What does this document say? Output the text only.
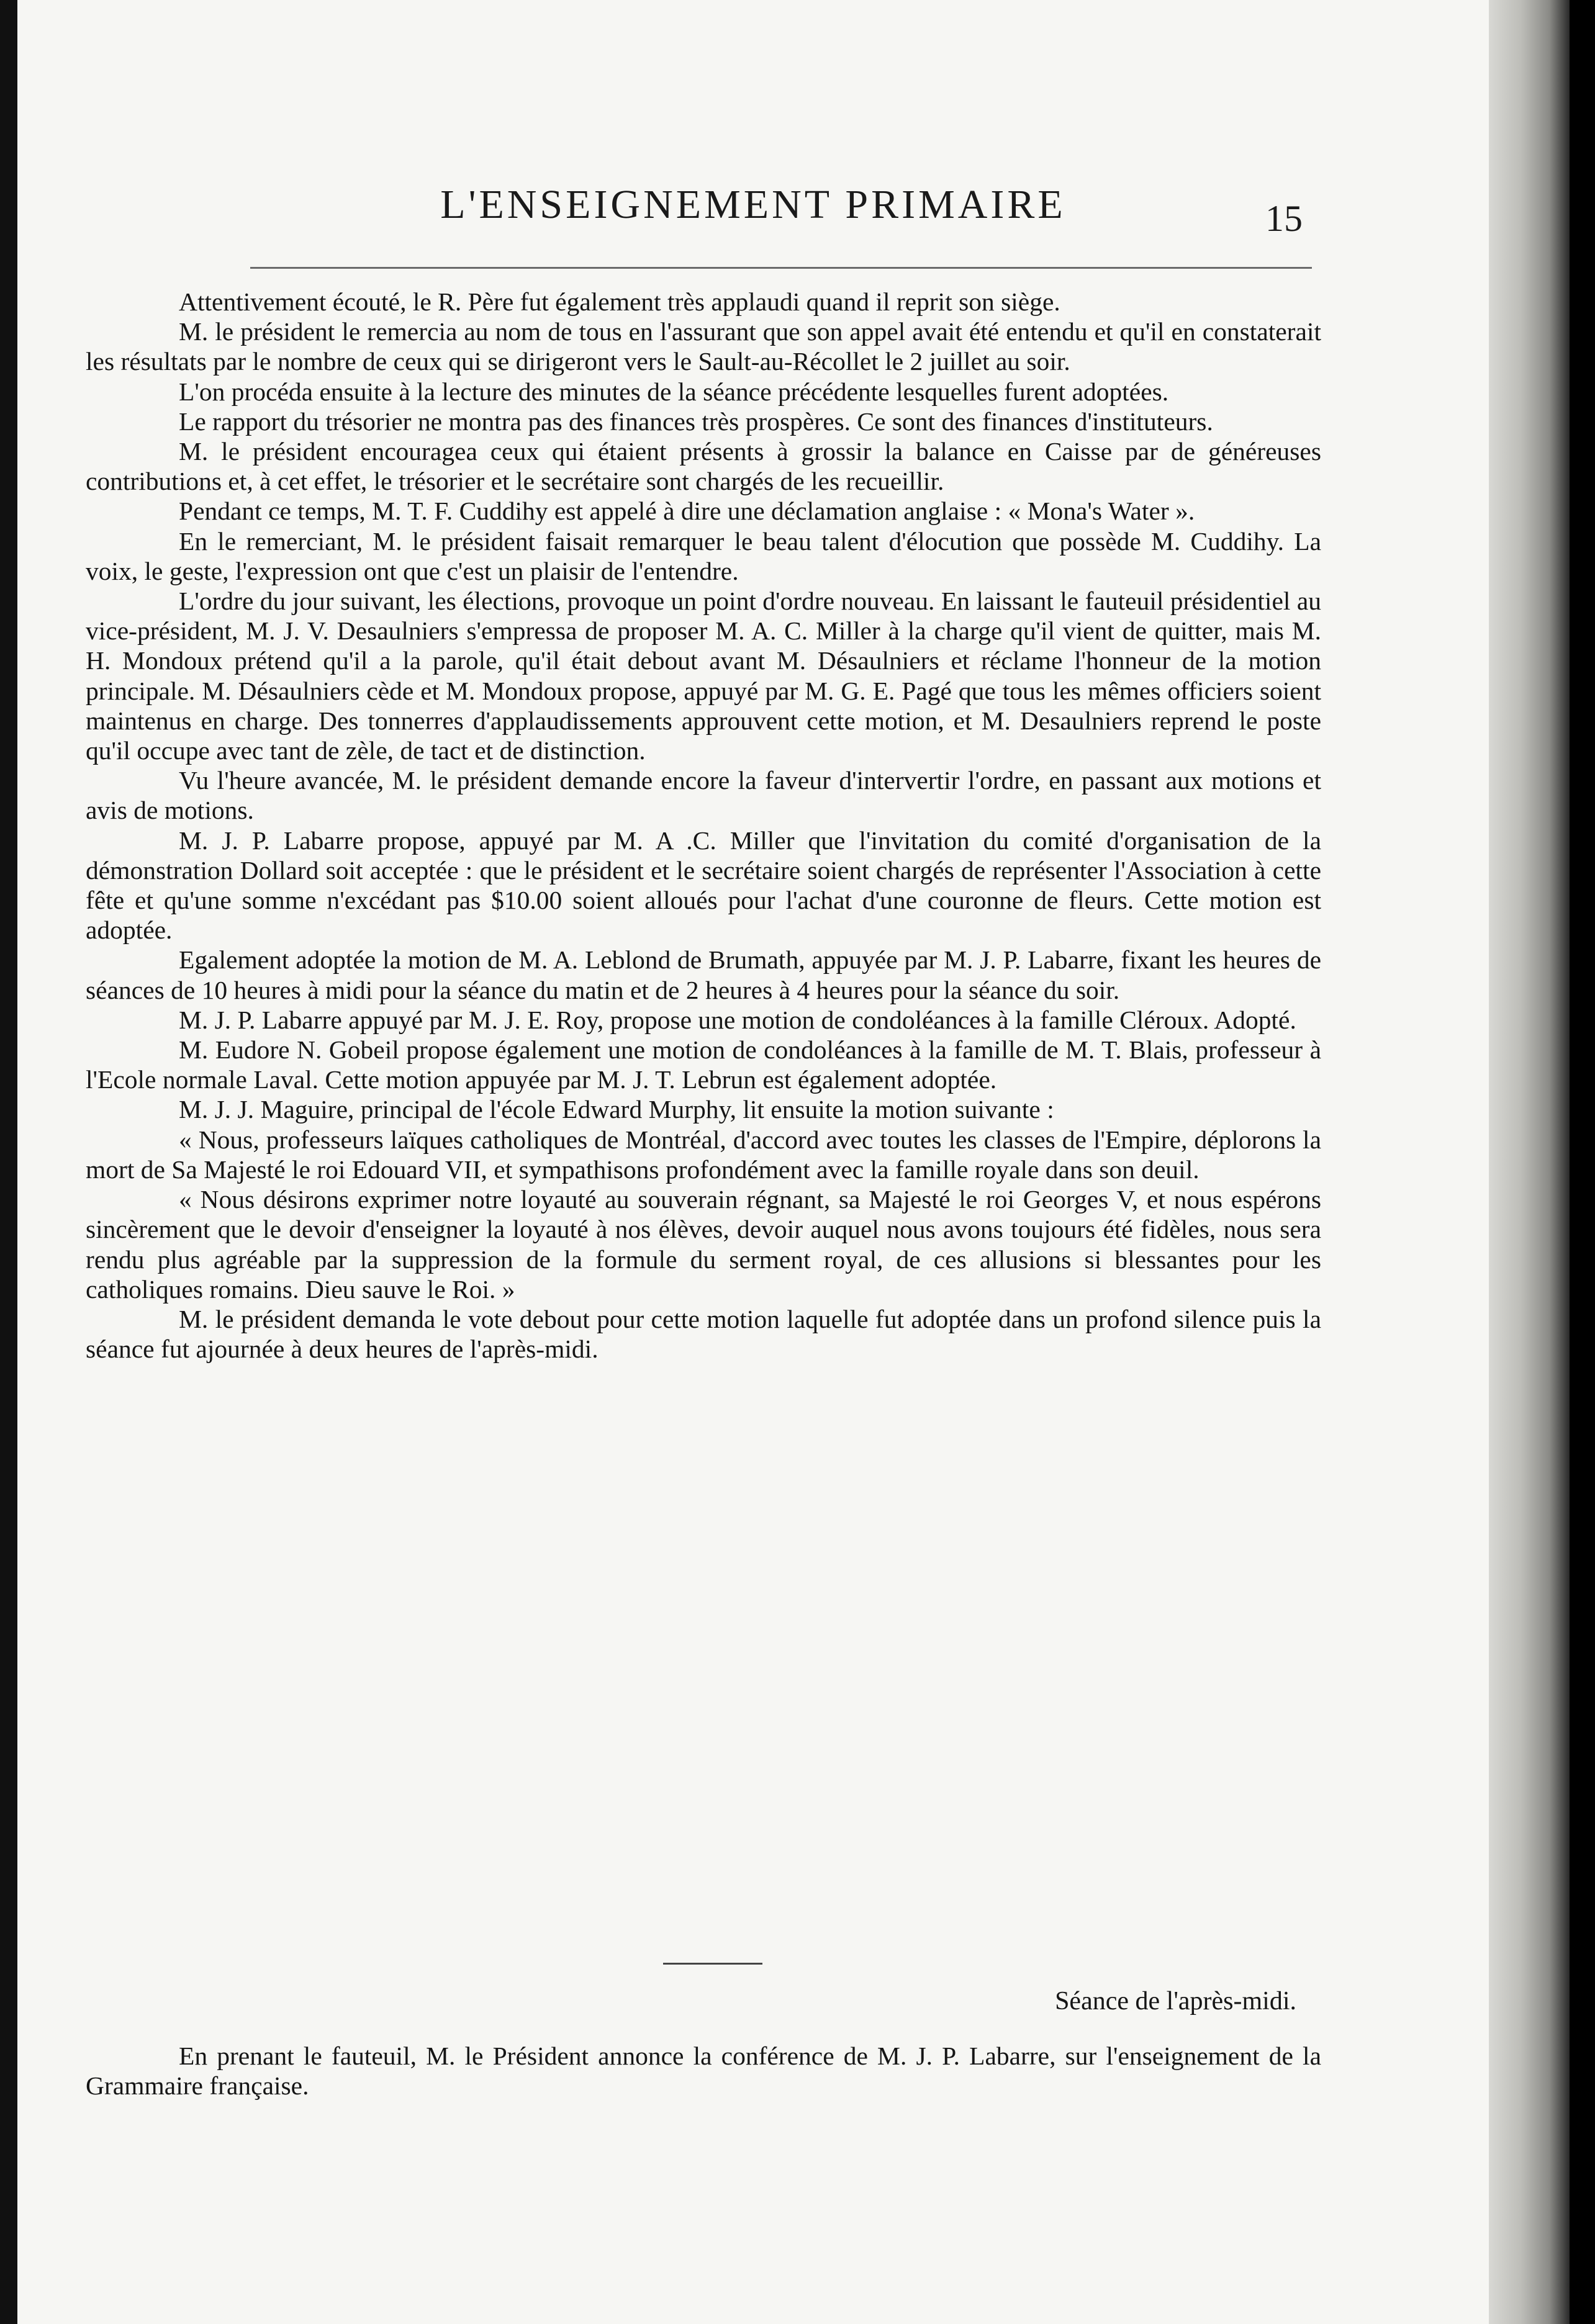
L'ENSEIGNEMENT PRIMAIRE	15

Attentivement écouté, le R. Père fut également très applaudi quand il reprit son siège.

M. le président le remercia au nom de tous en l'assurant que son appel avait été entendu et qu'il en constaterait les résultats par le nombre de ceux qui se dirigeront vers le Sault-au-Récollet le 2 juillet au soir.

L'on procéda ensuite à la lecture des minutes de la séance précédente lesquelles furent adoptées.

Le rapport du trésorier ne montra pas des finances très prospères. Ce sont des finances d'instituteurs.

M. le président encouragea ceux qui étaient présents à grossir la balance en Caisse par de généreuses contributions et, à cet effet, le trésorier et le secrétaire sont chargés de les recueillir.

Pendant ce temps, M. T. F. Cuddihy est appelé à dire une déclamation anglaise : « Mona's Water ».

En le remerciant, M. le président faisait remarquer le beau talent d'élocution que possède M. Cuddihy. La voix, le geste, l'expression ont que c'est un plaisir de l'entendre.

L'ordre du jour suivant, les élections, provoque un point d'ordre nouveau. En laissant le fauteuil présidentiel au vice-président, M. J. V. Desaulniers s'empressa de proposer M. A. C. Miller à la charge qu'il vient de quitter, mais M. H. Mondoux prétend qu'il a la parole, qu'il était debout avant M. Désaulniers et réclame l'honneur de la motion principale. M. Désaulniers cède et M. Mondoux propose, appuyé par M. G. E. Pagé que tous les mêmes officiers soient maintenus en charge. Des tonnerres d'applaudissements approuvent cette motion, et M. Desaulniers reprend le poste qu'il occupe avec tant de zèle, de tact et de distinction.

Vu l'heure avancée, M. le président demande encore la faveur d'intervertir l'ordre, en passant aux motions et avis de motions.

M. J. P. Labarre propose, appuyé par M. A .C. Miller que l'invitation du comité d'organisation de la démonstration Dollard soit acceptée : que le président et le secrétaire soient chargés de représenter l'Association à cette fête et qu'une somme n'excédant pas $10.00 soient alloués pour l'achat d'une couronne de fleurs. Cette motion est adoptée.

Egalement adoptée la motion de M. A. Leblond de Brumath, appuyée par M. J. P. Labarre, fixant les heures de séances de 10 heures à midi pour la séance du matin et de 2 heures à 4 heures pour la séance du soir.

M. J. P. Labarre appuyé par M. J. E. Roy, propose une motion de condoléances à la famille Cléroux. Adopté.

M. Eudore N. Gobeil propose également une motion de condoléances à la famille de M. T. Blais, professeur à l'Ecole normale Laval. Cette motion appuyée par M. J. T. Lebrun est également adoptée.

M. J. J. Maguire, principal de l'école Edward Murphy, lit ensuite la motion suivante :

« Nous, professeurs laïques catholiques de Montréal, d'accord avec toutes les classes de l'Empire, déplorons la mort de Sa Majesté le roi Edouard VII, et sympathisons profondément avec la famille royale dans son deuil.

« Nous désirons exprimer notre loyauté au souverain régnant, sa Majesté le roi Georges V, et nous espérons sincèrement que le devoir d'enseigner la loyauté à nos élèves, devoir auquel nous avons toujours été fidèles, nous sera rendu plus agréable par la suppression de la formule du serment royal, de ces allusions si blessantes pour les catholiques romains. Dieu sauve le Roi. »

M. le président demanda le vote debout pour cette motion laquelle fut adoptée dans un profond silence puis la séance fut ajournée à deux heures de l'après-midi.

Séance de l'après-midi.

En prenant le fauteuil, M. le Président annonce la conférence de M. J. P. Labarre, sur l'enseignement de la Grammaire française.
